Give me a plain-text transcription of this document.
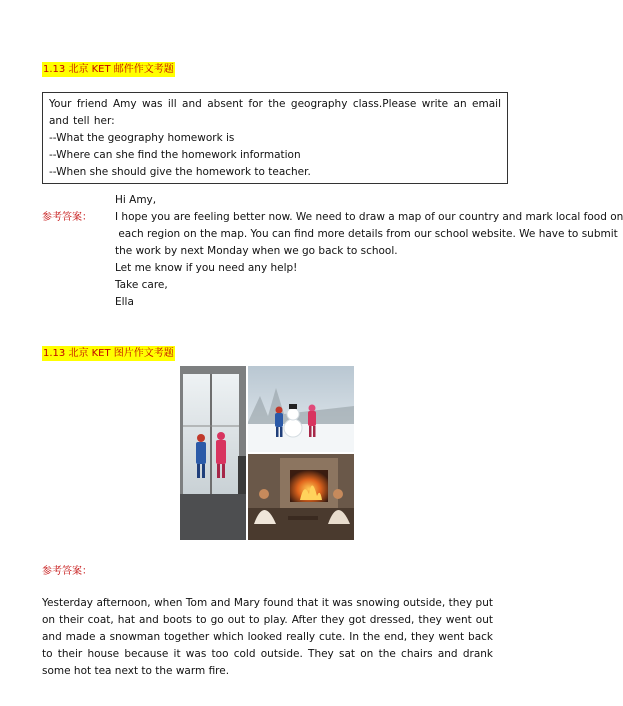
1.13 北京 KET 邮件作文考题
Your friend Amy was ill and absent for the geography class.Please write an email and tell her:
--What the geography homework is
--Where can she find the homework information
--When she should give the homework to teacher.
参考答案：
Hi Amy,
I hope you are feeling better now. We need to draw a map of our country and mark local food on
each region on the map. You can find more details from our school website. We have to submit
the work by next Monday when we go back to school.
Let me know if you need any help!
Take care,
Ella
1.13 北京 KET 图片作文考题
参考答案：
Yesterday afternoon, when Tom and Mary found that it was snowing outside, they put on their coat, hat and boots to go out to play. After they got dressed, they went out and made a snowman together which looked really cute. In the end, they went back to their house because it was too cold outside. They sat on the chairs and drank some hot tea next to the warm fire.
